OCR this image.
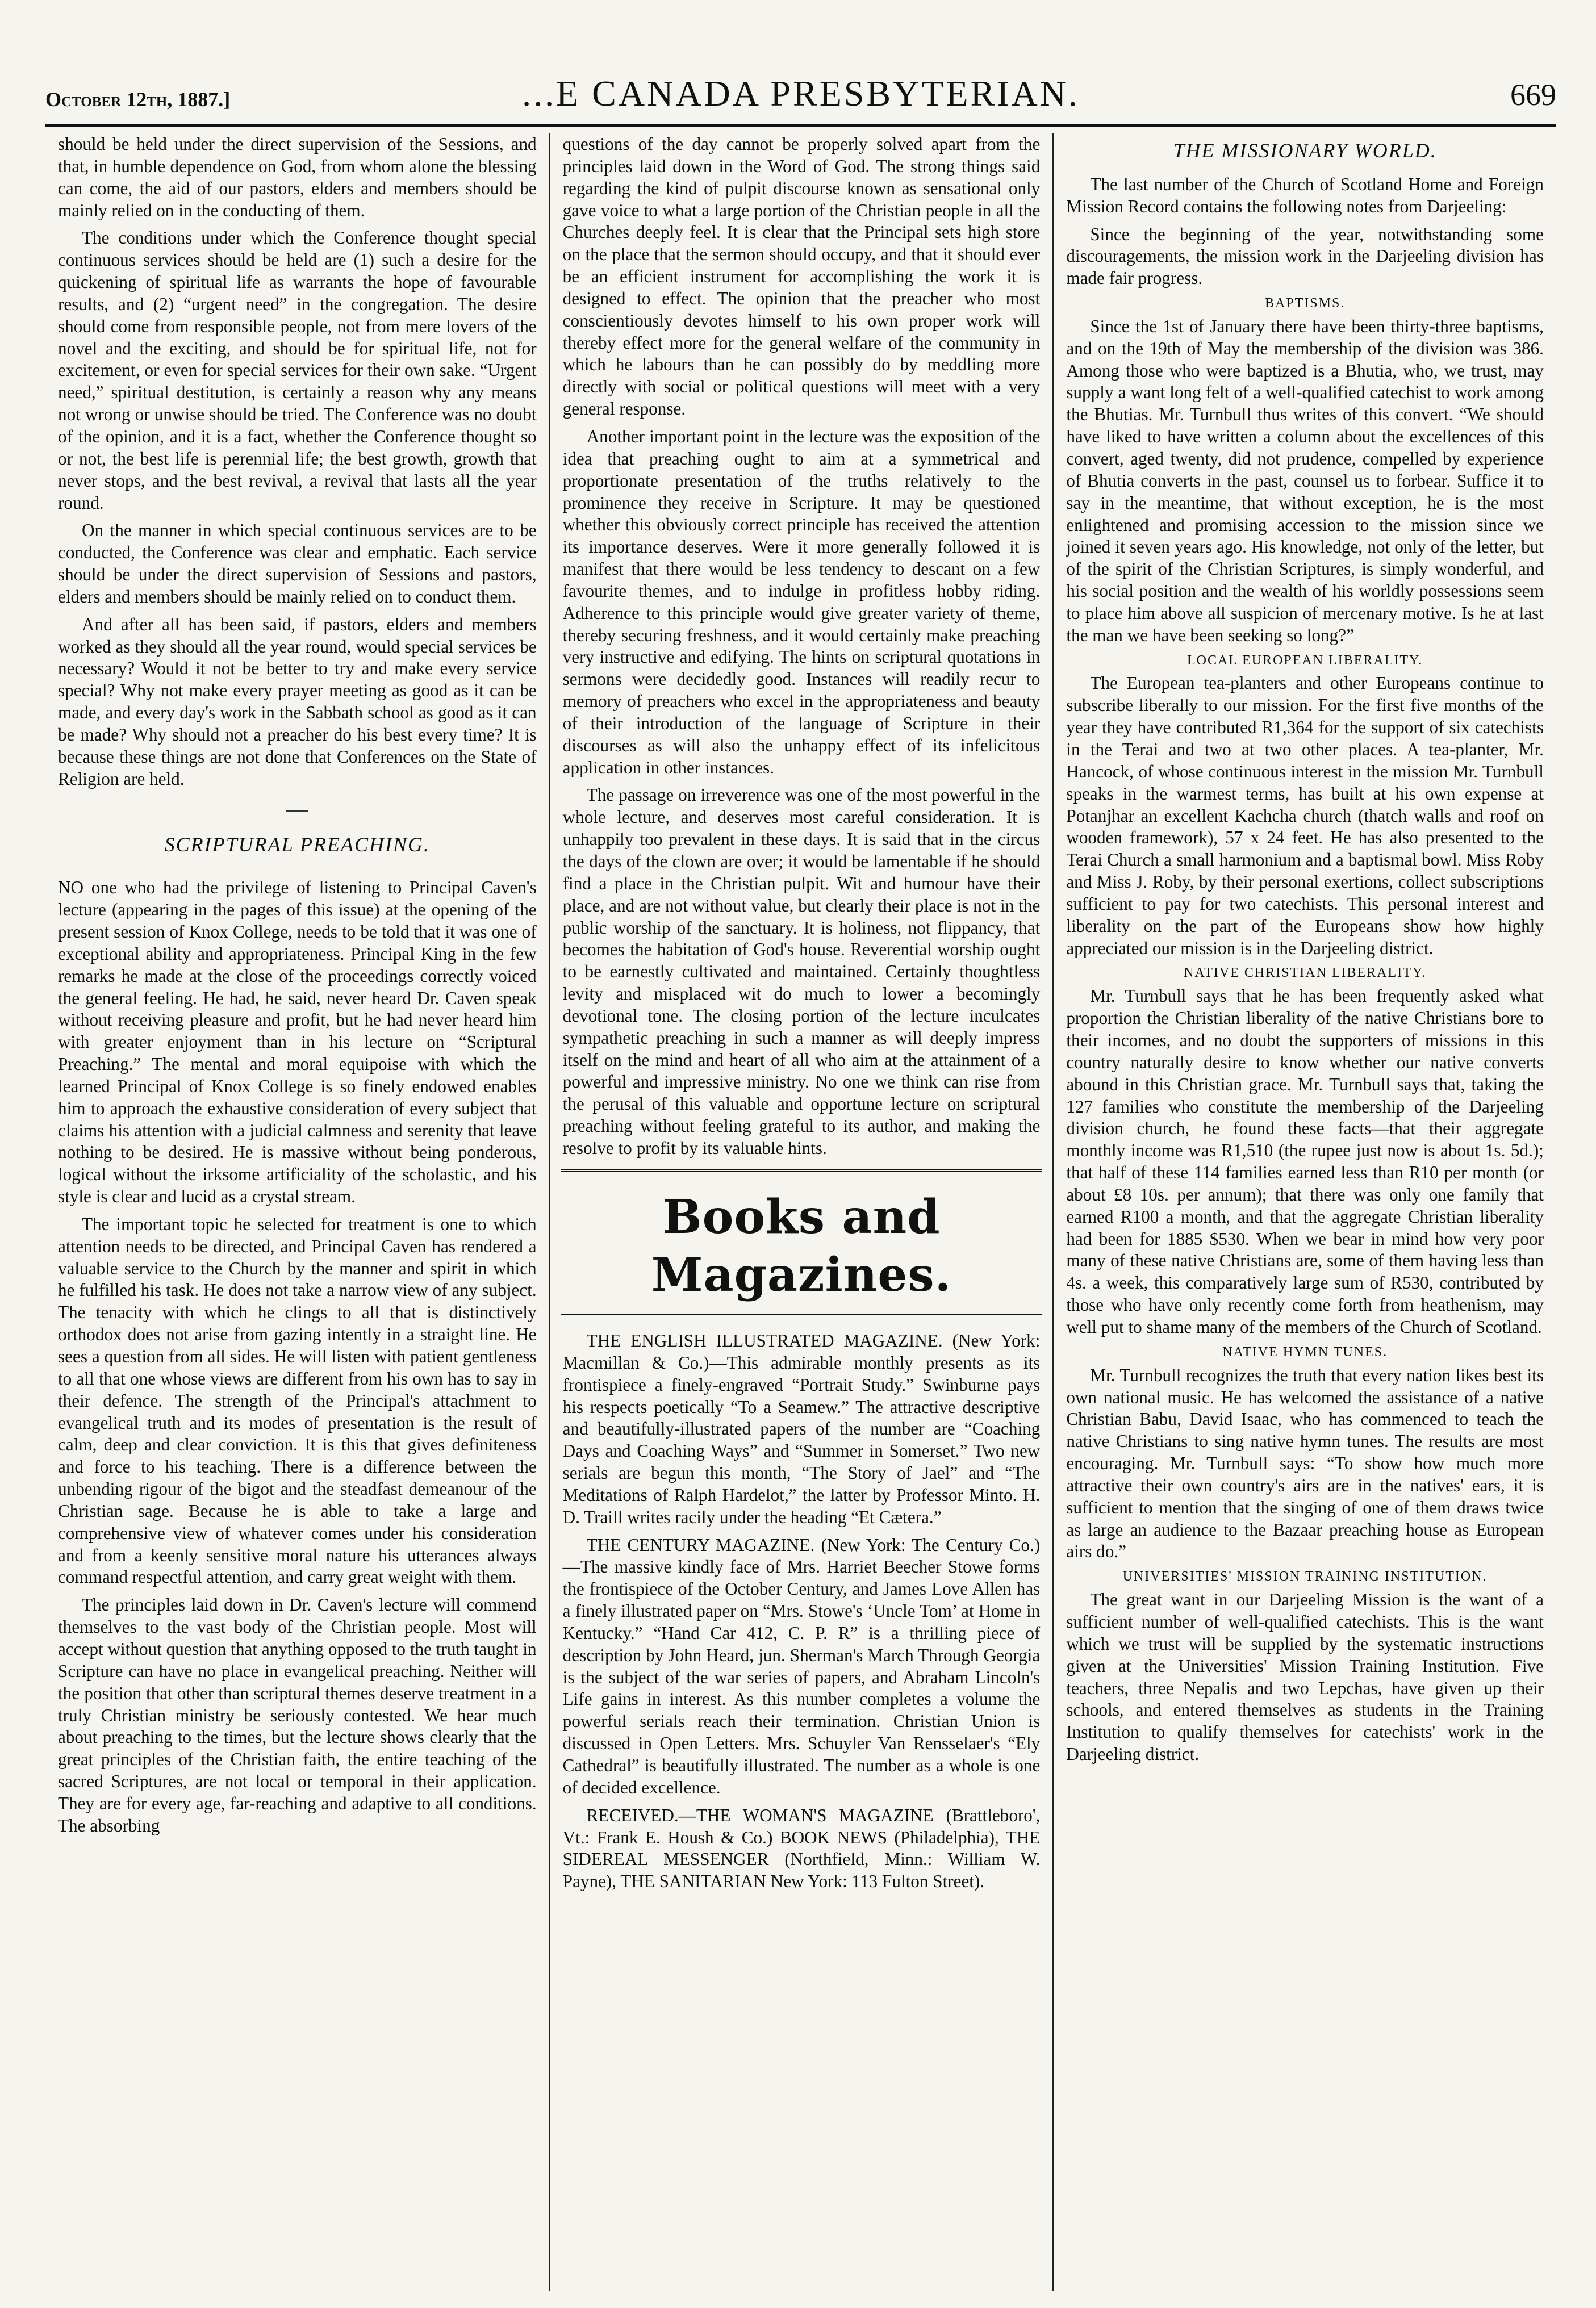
October 12th, 1887.]	...E CANADA PRESBYTERIAN.	669

should be held under the direct supervision of the Sessions, and that, in humble dependence on God, from whom alone the blessing can come, the aid of our pastors, elders and members should be mainly relied on in the conducting of them.

The conditions under which the Conference thought special continuous services should be held are (1) such a desire for the quickening of spiritual life as warrants the hope of favourable results, and (2) “urgent need” in the congregation. The desire should come from responsible people, not from mere lovers of the novel and the exciting, and should be for spiritual life, not for excitement, or even for special services for their own sake. “Urgent need,” spiritual destitution, is certainly a reason why any means not wrong or unwise should be tried. The Conference was no doubt of the opinion, and it is a fact, whether the Conference thought so or not, the best life is perennial life; the best growth, growth that never stops, and the best revival, a revival that lasts all the year round.

On the manner in which special continuous services are to be conducted, the Conference was clear and emphatic. Each service should be under the direct supervision of Sessions and pastors, elders and members should be mainly relied on to conduct them.

And after all has been said, if pastors, elders and members worked as they should all the year round, would special services be necessary? Would it not be better to try and make every service special? Why not make every prayer meeting as good as it can be made, and every day's work in the Sabbath school as good as it can be made? Why should not a preacher do his best every time? It is because these things are not done that Conferences on the State of Religion are held.

SCRIPTURAL PREACHING.

NO one who had the privilege of listening to Principal Caven's lecture (appearing in the pages of this issue) at the opening of the present session of Knox College, needs to be told that it was one of exceptional ability and appropriateness. Principal King in the few remarks he made at the close of the proceedings correctly voiced the general feeling. He had, he said, never heard Dr. Caven speak without receiving pleasure and profit, but he had never heard him with greater enjoyment than in his lecture on “Scriptural Preaching.” The mental and moral equipoise with which the learned Principal of Knox College is so finely endowed enables him to approach the exhaustive consideration of every subject that claims his attention with a judicial calmness and serenity that leave nothing to be desired. He is massive without being ponderous, logical without the irksome artificiality of the scholastic, and his style is clear and lucid as a crystal stream.

The important topic he selected for treatment is one to which attention needs to be directed, and Principal Caven has rendered a valuable service to the Church by the manner and spirit in which he fulfilled his task. He does not take a narrow view of any subject. The tenacity with which he clings to all that is distinctively orthodox does not arise from gazing intently in a straight line. He sees a question from all sides. He will listen with patient gentleness to all that one whose views are different from his own has to say in their defence. The strength of the Principal's attachment to evangelical truth and its modes of presentation is the result of calm, deep and clear conviction. It is this that gives definiteness and force to his teaching. There is a difference between the unbending rigour of the bigot and the steadfast demeanour of the Christian sage. Because he is able to take a large and comprehensive view of whatever comes under his consideration and from a keenly sensitive moral nature his utterances always command respectful attention, and carry great weight with them.

The principles laid down in Dr. Caven's lecture will commend themselves to the vast body of the Christian people. Most will accept without question that anything opposed to the truth taught in Scripture can have no place in evangelical preaching. Neither will the position that other than scriptural themes deserve treatment in a truly Christian ministry be seriously contested. We hear much about preaching to the times, but the lecture shows clearly that the great principles of the Christian faith, the entire teaching of the sacred Scriptures, are not local or temporal in their application. They are for every age, far-reaching and adaptive to all conditions. The absorbing

questions of the day cannot be properly solved apart from the principles laid down in the Word of God. The strong things said regarding the kind of pulpit discourse known as sensational only gave voice to what a large portion of the Christian people in all the Churches deeply feel. It is clear that the Principal sets high store on the place that the sermon should occupy, and that it should ever be an efficient instrument for accomplishing the work it is designed to effect. The opinion that the preacher who most conscientiously devotes himself to his own proper work will thereby effect more for the general welfare of the community in which he labours than he can possibly do by meddling more directly with social or political questions will meet with a very general response.

Another important point in the lecture was the exposition of the idea that preaching ought to aim at a symmetrical and proportionate presentation of the truths relatively to the prominence they receive in Scripture. It may be questioned whether this obviously correct principle has received the attention its importance deserves. Were it more generally followed it is manifest that there would be less tendency to descant on a few favourite themes, and to indulge in profitless hobby riding. Adherence to this principle would give greater variety of theme, thereby securing freshness, and it would certainly make preaching very instructive and edifying. The hints on scriptural quotations in sermons were decidedly good. Instances will readily recur to memory of preachers who excel in the appropriateness and beauty of their introduction of the language of Scripture in their discourses as will also the unhappy effect of its infelicitous application in other instances.

The passage on irreverence was one of the most powerful in the whole lecture, and deserves most careful consideration. It is unhappily too prevalent in these days. It is said that in the circus the days of the clown are over; it would be lamentable if he should find a place in the Christian pulpit. Wit and humour have their place, and are not without value, but clearly their place is not in the public worship of the sanctuary. It is holiness, not flippancy, that becomes the habitation of God's house. Reverential worship ought to be earnestly cultivated and maintained. Certainly thoughtless levity and misplaced wit do much to lower a becomingly devotional tone. The closing portion of the lecture inculcates sympathetic preaching in such a manner as will deeply impress itself on the mind and heart of all who aim at the attainment of a powerful and impressive ministry. No one we think can rise from the perusal of this valuable and opportune lecture on scriptural preaching without feeling grateful to its author, and making the resolve to profit by its valuable hints.

Books and Magazines.

THE ENGLISH ILLUSTRATED MAGAZINE. (New York: Macmillan & Co.)—This admirable monthly presents as its frontispiece a finely-engraved “Portrait Study.” Swinburne pays his respects poetically “To a Seamew.” The attractive descriptive and beautifully-illustrated papers of the number are “Coaching Days and Coaching Ways” and “Summer in Somerset.” Two new serials are begun this month, “The Story of Jael” and “The Meditations of Ralph Hardelot,” the latter by Professor Minto. H. D. Traill writes racily under the heading “Et Cætera.”

THE CENTURY MAGAZINE. (New York: The Century Co.)—The massive kindly face of Mrs. Harriet Beecher Stowe forms the frontispiece of the October Century, and James Love Allen has a finely illustrated paper on “Mrs. Stowe's ‘Uncle Tom’ at Home in Kentucky.” “Hand Car 412, C. P. R” is a thrilling piece of description by John Heard, jun. Sherman's March Through Georgia is the subject of the war series of papers, and Abraham Lincoln's Life gains in interest. As this number completes a volume the powerful serials reach their termination. Christian Union is discussed in Open Letters. Mrs. Schuyler Van Rensselaer's “Ely Cathedral” is beautifully illustrated. The number as a whole is one of decided excellence.

RECEIVED.—THE WOMAN'S MAGAZINE (Brattleboro', Vt.: Frank E. Housh & Co.) BOOK NEWS (Philadelphia), THE SIDEREAL MESSENGER (Northfield, Minn.: William W. Payne), THE SANITARIAN New York: 113 Fulton Street).

THE MISSIONARY WORLD.

The last number of the Church of Scotland Home and Foreign Mission Record contains the following notes from Darjeeling:

Since the beginning of the year, notwithstanding some discouragements, the mission work in the Darjeeling division has made fair progress.

BAPTISMS.

Since the 1st of January there have been thirty-three baptisms, and on the 19th of May the membership of the division was 386. Among those who were baptized is a Bhutia, who, we trust, may supply a want long felt of a well-qualified catechist to work among the Bhutias. Mr. Turnbull thus writes of this convert. “We should have liked to have written a column about the excellences of this convert, aged twenty, did not prudence, compelled by experience of Bhutia converts in the past, counsel us to forbear. Suffice it to say in the meantime, that without exception, he is the most enlightened and promising accession to the mission since we joined it seven years ago. His knowledge, not only of the letter, but of the spirit of the Christian Scriptures, is simply wonderful, and his social position and the wealth of his worldly possessions seem to place him above all suspicion of mercenary motive. Is he at last the man we have been seeking so long?”

LOCAL EUROPEAN LIBERALITY.

The European tea-planters and other Europeans continue to subscribe liberally to our mission. For the first five months of the year they have contributed R1,364 for the support of six catechists in the Terai and two at two other places. A tea-planter, Mr. Hancock, of whose continuous interest in the mission Mr. Turnbull speaks in the warmest terms, has built at his own expense at Potanjhar an excellent Kachcha church (thatch walls and roof on wooden framework), 57 x 24 feet. He has also presented to the Terai Church a small harmonium and a baptismal bowl. Miss Roby and Miss J. Roby, by their personal exertions, collect subscriptions sufficient to pay for two catechists. This personal interest and liberality on the part of the Europeans show how highly appreciated our mission is in the Darjeeling district.

NATIVE CHRISTIAN LIBERALITY.

Mr. Turnbull says that he has been frequently asked what proportion the Christian liberality of the native Christians bore to their incomes, and no doubt the supporters of missions in this country naturally desire to know whether our native converts abound in this Christian grace. Mr. Turnbull says that, taking the 127 families who constitute the membership of the Darjeeling division church, he found these facts—that their aggregate monthly income was R1,510 (the rupee just now is about 1s. 5d.); that half of these 114 families earned less than R10 per month (or about £8 10s. per annum); that there was only one family that earned R100 a month, and that the aggregate Christian liberality had been for 1885 $530. When we bear in mind how very poor many of these native Christians are, some of them having less than 4s. a week, this comparatively large sum of R530, contributed by those who have only recently come forth from heathenism, may well put to shame many of the members of the Church of Scotland.

NATIVE HYMN TUNES.

Mr. Turnbull recognizes the truth that every nation likes best its own national music. He has welcomed the assistance of a native Christian Babu, David Isaac, who has commenced to teach the native Christians to sing native hymn tunes. The results are most encouraging. Mr. Turnbull says: “To show how much more attractive their own country's airs are in the natives' ears, it is sufficient to mention that the singing of one of them draws twice as large an audience to the Bazaar preaching house as European airs do.”

UNIVERSITIES' MISSION TRAINING INSTITUTION.

The great want in our Darjeeling Mission is the want of a sufficient number of well-qualified catechists. This is the want which we trust will be supplied by the systematic instructions given at the Universities' Mission Training Institution. Five teachers, three Nepalis and two Lepchas, have given up their schools, and entered themselves as students in the Training Institution to qualify themselves for catechists' work in the Darjeeling district.
